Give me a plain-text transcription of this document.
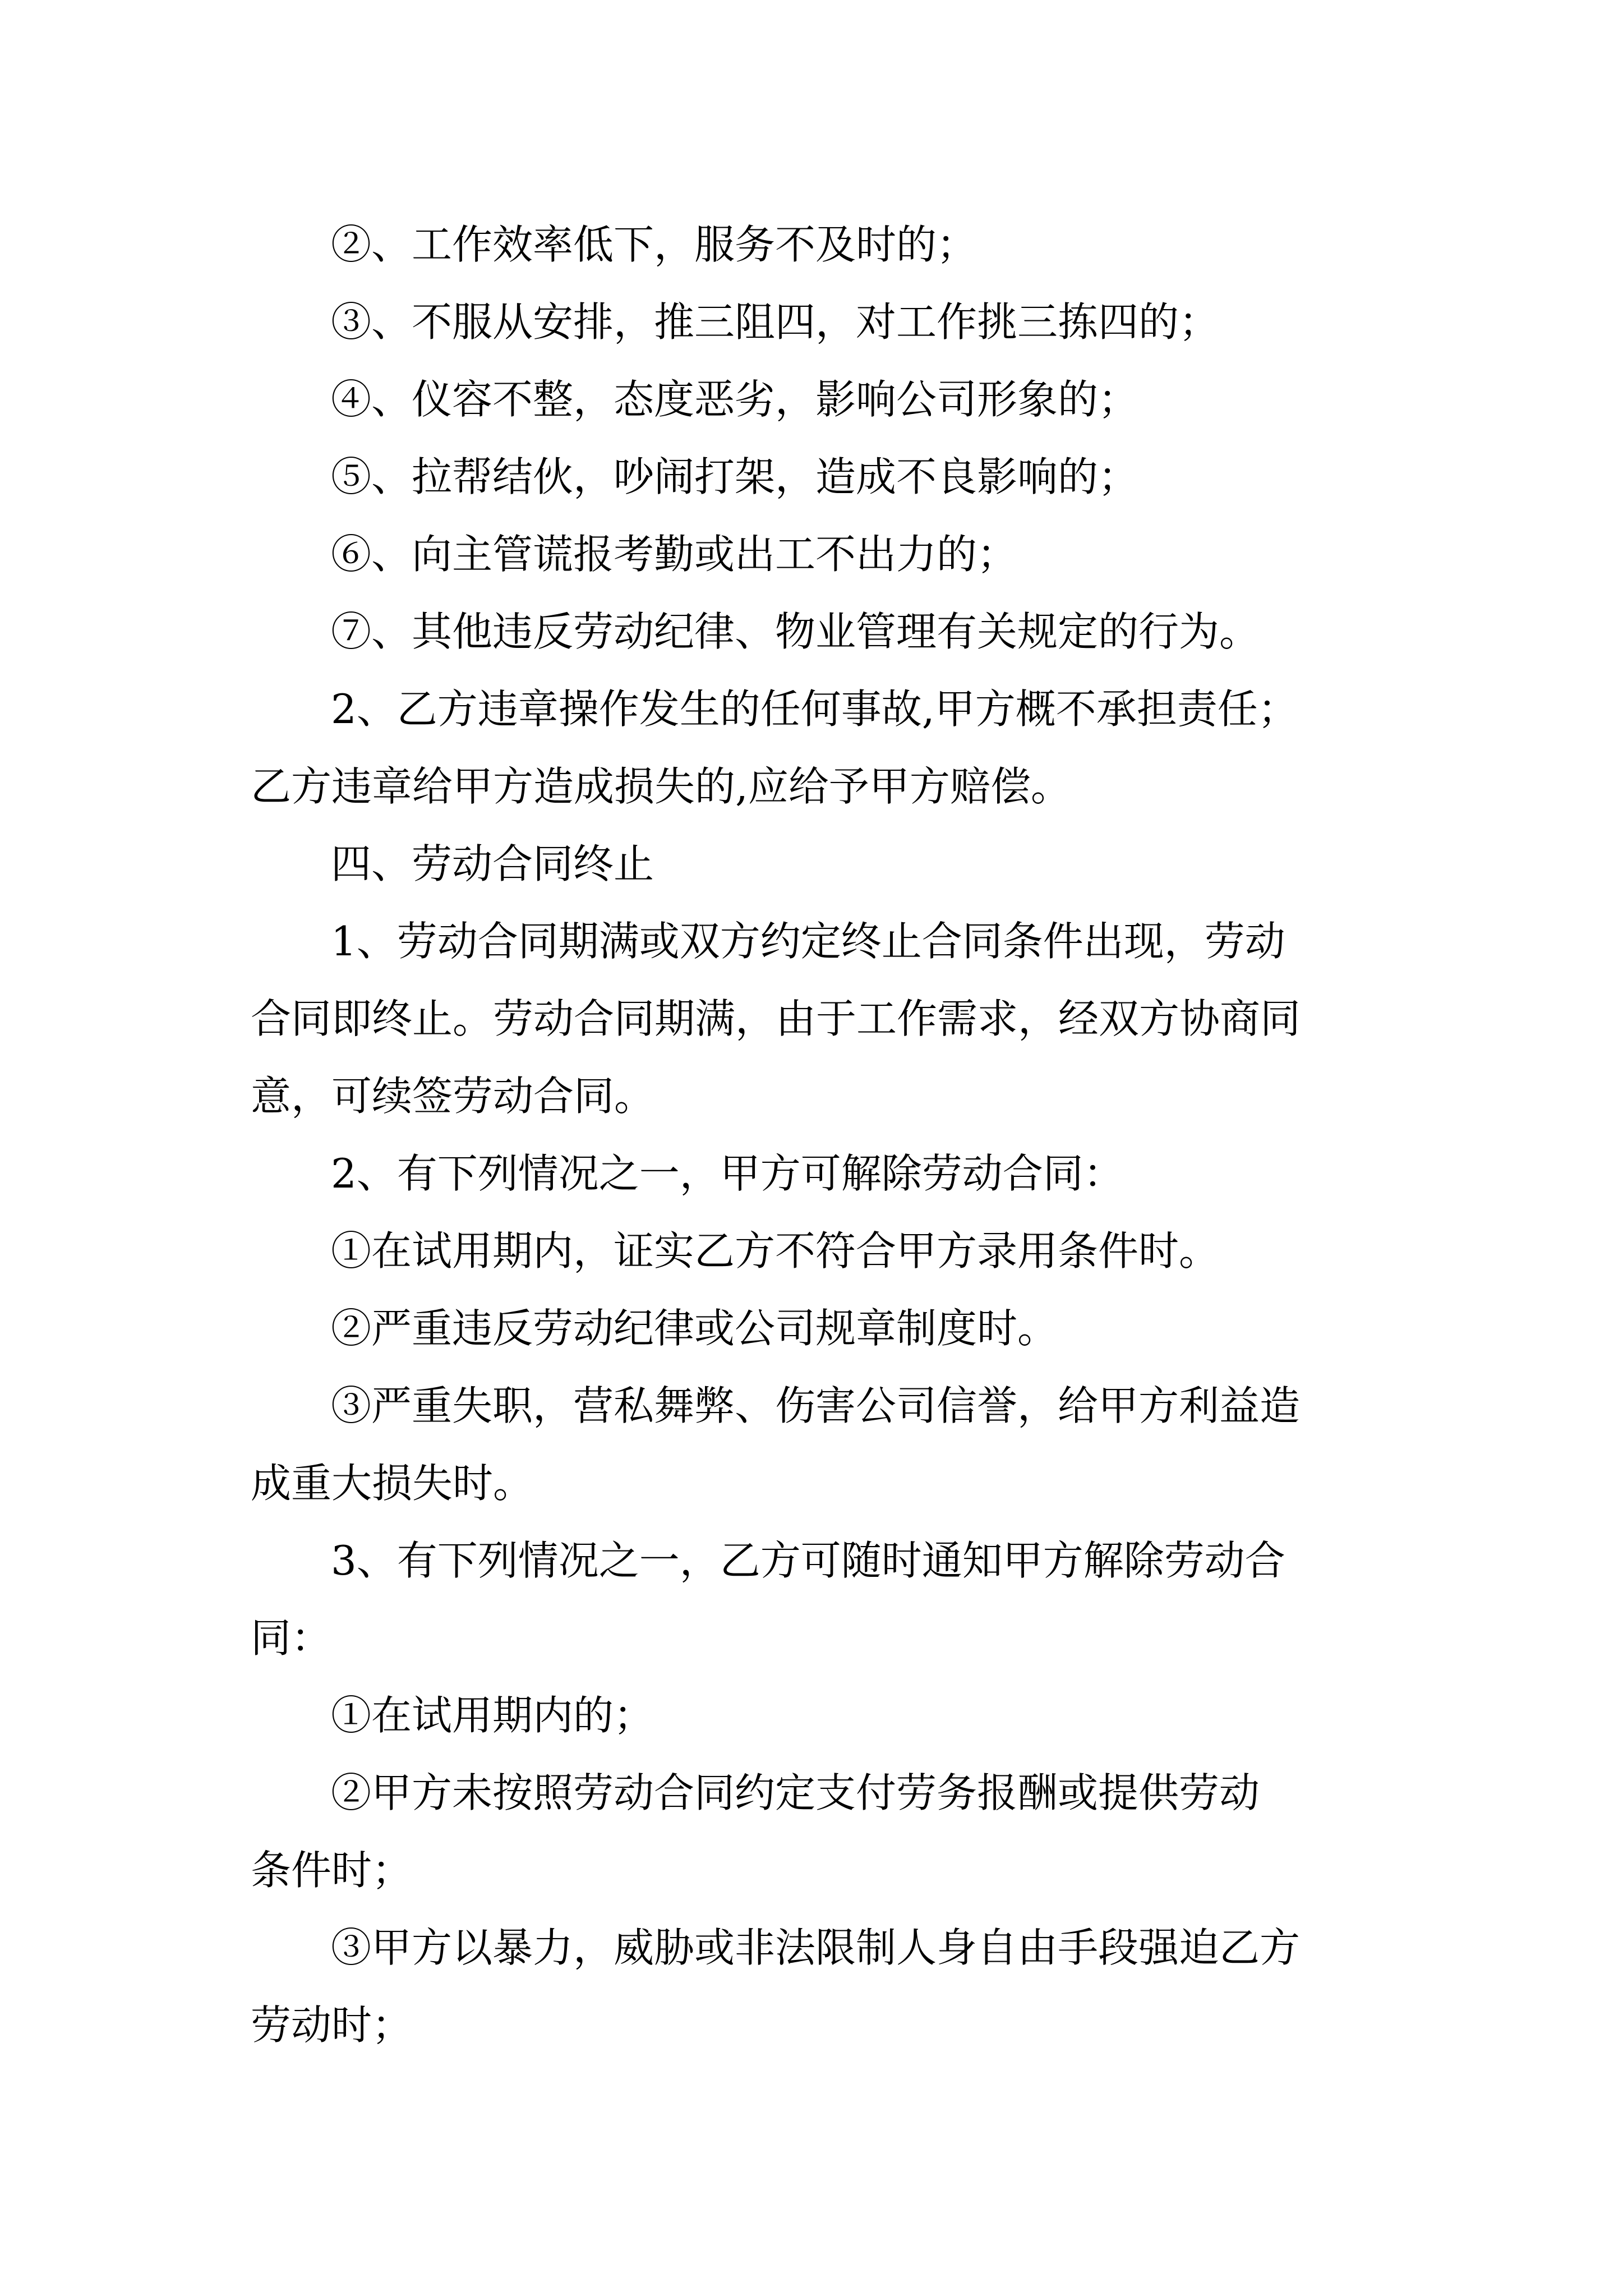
②、工作效率低下，服务不及时的；
③、不服从安排，推三阻四，对工作挑三拣四的；
④、仪容不整，态度恶劣，影响公司形象的；
⑤、拉帮结伙，吵闹打架，造成不良影响的；
⑥、向主管谎报考勤或出工不出力的；
⑦、其他违反劳动纪律、物业管理有关规定的行为。
2、乙方违章操作发生的任何事故,甲方概不承担责任；
乙方违章给甲方造成损失的,应给予甲方赔偿。
四、劳动合同终止
1、劳动合同期满或双方约定终止合同条件出现，劳动
合同即终止。劳动合同期满，由于工作需求，经双方协商同
意，可续签劳动合同。
2、有下列情况之一，甲方可解除劳动合同：
①在试用期内，证实乙方不符合甲方录用条件时。
②严重违反劳动纪律或公司规章制度时。
③严重失职，营私舞弊、伤害公司信誉，给甲方利益造
成重大损失时。
3、有下列情况之一，乙方可随时通知甲方解除劳动合
同：
①在试用期内的；
②甲方未按照劳动合同约定支付劳务报酬或提供劳动
条件时；
③甲方以暴力，威胁或非法限制人身自由手段强迫乙方
劳动时；
